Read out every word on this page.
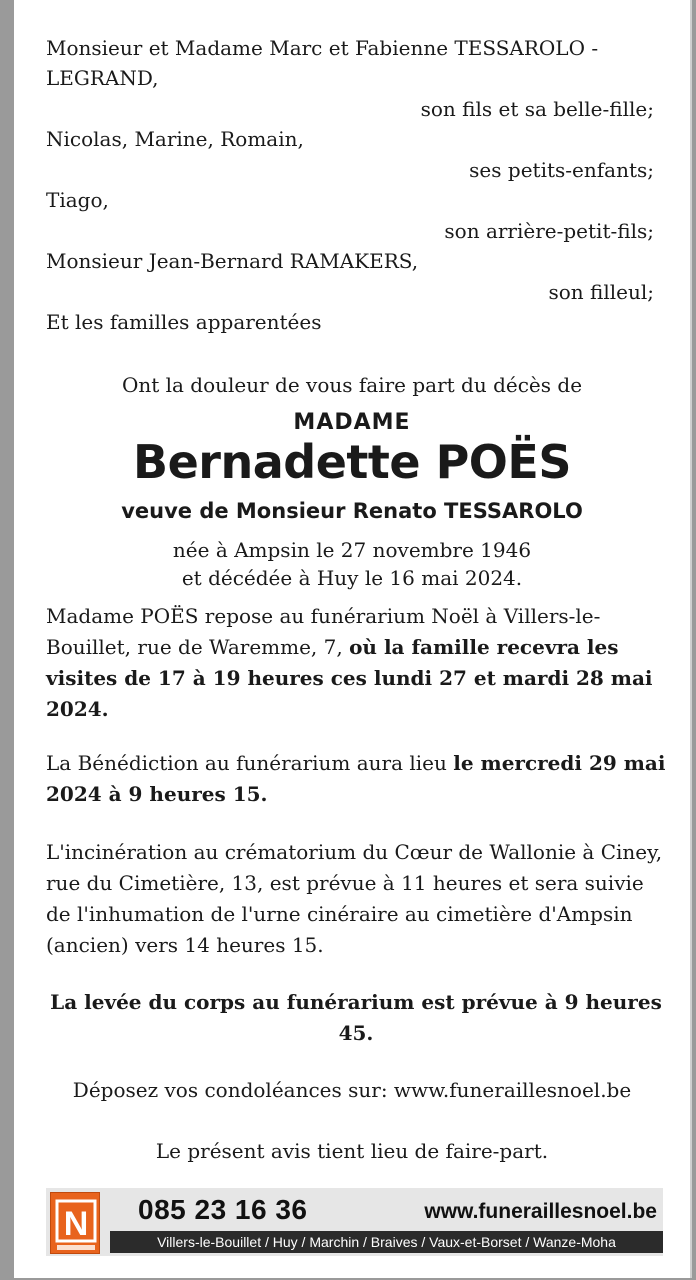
Monsieur et Madame Marc et Fabienne TESSAROLO -
LEGRAND,
son fils et sa belle-fille;
Nicolas, Marine, Romain,
ses petits-enfants;
Tiago,
son arrière-petit-fils;
Monsieur Jean-Bernard RAMAKERS,
son filleul;
Et les familles apparentées
Ont la douleur de vous faire part du décès de
MADAME
Bernadette POËS
veuve de Monsieur Renato TESSAROLO
née à Ampsin le 27 novembre 1946
et décédée à Huy le 16 mai 2024.
Madame POËS repose au funérarium Noël à Villers-le-Bouillet, rue de Waremme, 7, où la famille recevra les visites de 17 à 19 heures ces lundi 27 et mardi 28 mai 2024.
La Bénédiction au funérarium aura lieu le mercredi 29 mai 2024 à 9 heures 15.
L'incinération au crématorium du Cœur de Wallonie à Ciney, rue du Cimetière, 13, est prévue à 11 heures et sera suivie de l'inhumation de l'urne cinéraire au cimetière d'Ampsin (ancien) vers 14 heures 15.
La levée du corps au funérarium est prévue à 9 heures 45.
Déposez vos condoléances sur: www.funeraillesnoel.be
Le présent avis tient lieu de faire-part.
N 085 23 16 36	www.funeraillesnoel.be
Villers-le-Bouillet / Huy / Marchin / Braives / Vaux-et-Borset / Wanze-Moha
